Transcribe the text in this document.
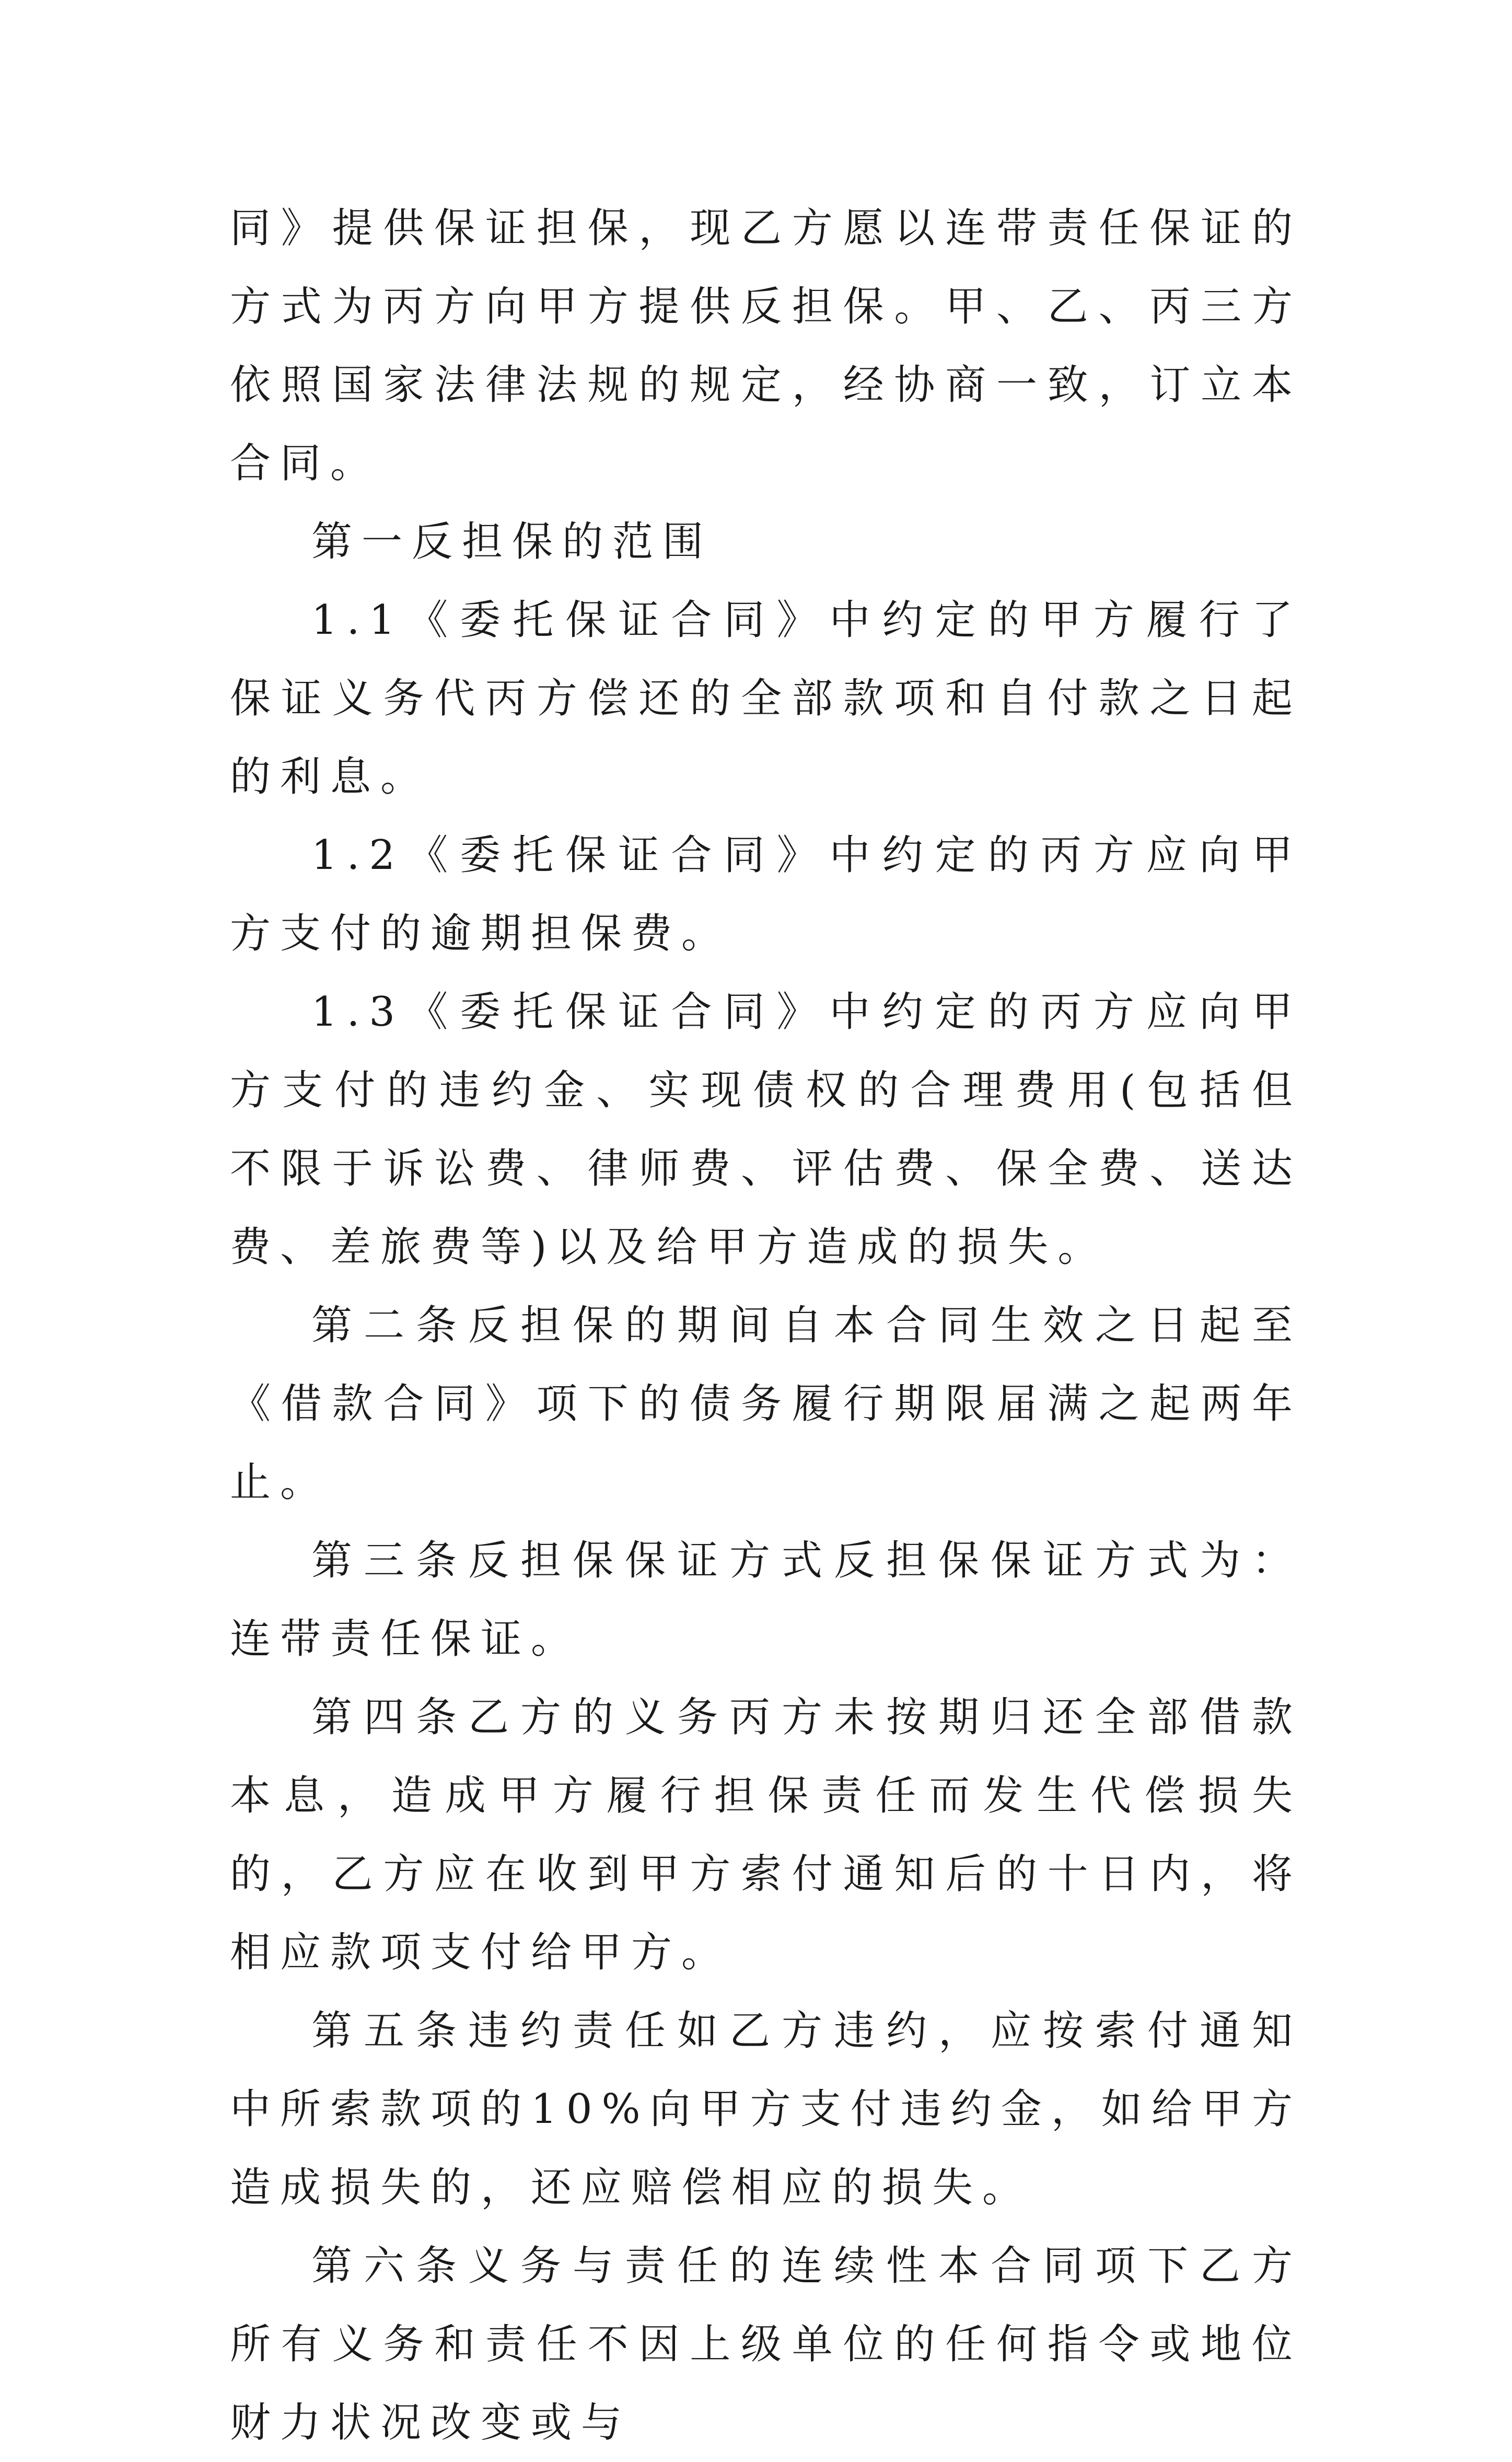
同》提供保证担保，现乙方愿以连带责任保证的方式为丙方向甲方提供反担保。甲、乙、丙三方依照国家法律法规的规定，经协商一致，订立本合同。

第一反担保的范围

1.1《委托保证合同》中约定的甲方履行了保证义务代丙方偿还的全部款项和自付款之日起的利息。

1.2《委托保证合同》中约定的丙方应向甲方支付的逾期担保费。

1.3《委托保证合同》中约定的丙方应向甲方支付的违约金、实现债权的合理费用(包括但不限于诉讼费、律师费、评估费、保全费、送达费、差旅费等)以及给甲方造成的损失。

第二条反担保的期间自本合同生效之日起至《借款合同》项下的债务履行期限届满之起两年止。

第三条反担保保证方式反担保保证方式为：连带责任保证。

第四条乙方的义务丙方未按期归还全部借款本息，造成甲方履行担保责任而发生代偿损失的，乙方应在收到甲方索付通知后的十日内，将相应款项支付给甲方。

第五条违约责任如乙方违约，应按索付通知中所索款项的10%向甲方支付违约金，如给甲方造成损失的，还应赔偿相应的损失。

第六条义务与责任的连续性本合同项下乙方所有义务和责任不因上级单位的任何指令或地位财力状况改变或与
